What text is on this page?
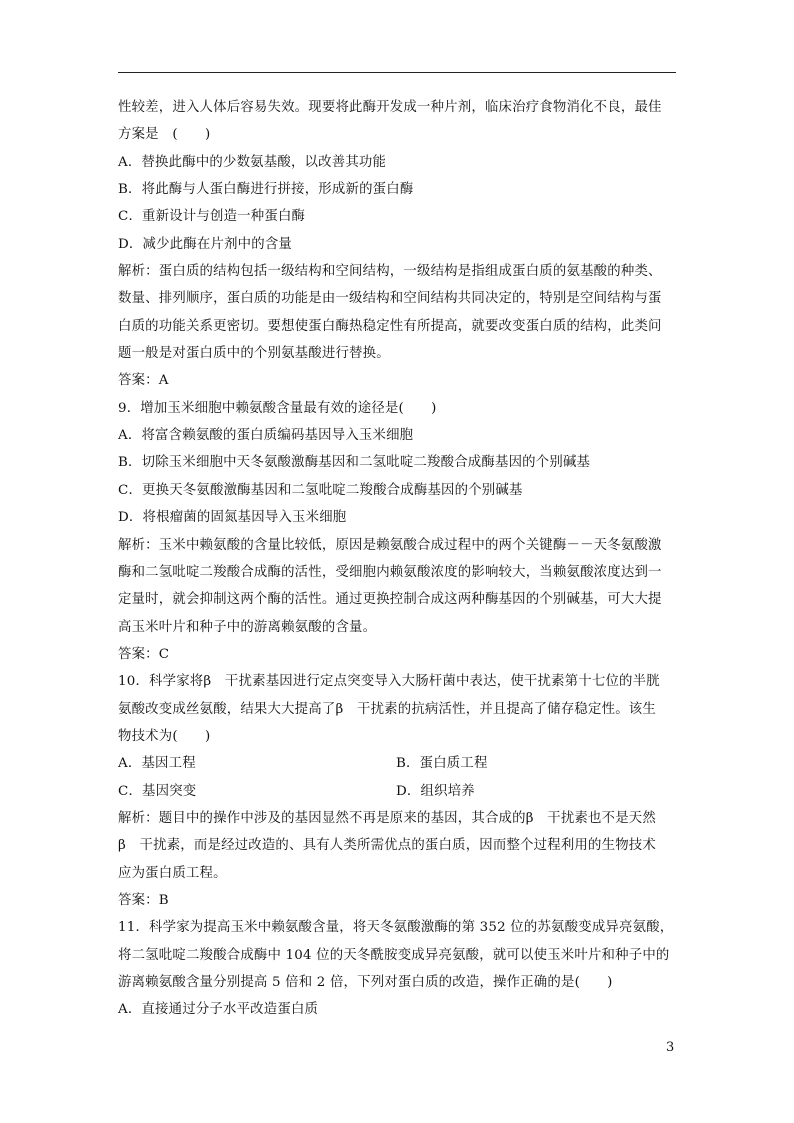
性较差，进入人体后容易失效。现要将此酶开发成一种片剂，临床治疗食物消化不良，最佳
方案是　(　　)
A．替换此酶中的少数氨基酸，以改善其功能
B．将此酶与人蛋白酶进行拼接，形成新的蛋白酶
C．重新设计与创造一种蛋白酶
D．减少此酶在片剂中的含量
解析：蛋白质的结构包括一级结构和空间结构，一级结构是指组成蛋白质的氨基酸的种类、
数量、排列顺序，蛋白质的功能是由一级结构和空间结构共同决定的，特别是空间结构与蛋
白质的功能关系更密切。要想使蛋白酶热稳定性有所提高，就要改变蛋白质的结构，此类问
题一般是对蛋白质中的个别氨基酸进行替换。
答案：A
9．增加玉米细胞中赖氨酸含量最有效的途径是(　　)
A．将富含赖氨酸的蛋白质编码基因导入玉米细胞
B．切除玉米细胞中天冬氨酸激酶基因和二氢吡啶二羧酸合成酶基因的个别碱基
C．更换天冬氨酸激酶基因和二氢吡啶二羧酸合成酶基因的个别碱基
D．将根瘤菌的固氮基因导入玉米细胞
解析：玉米中赖氨酸的含量比较低，原因是赖氨酸合成过程中的两个关键酶－－天冬氨酸激
酶和二氢吡啶二羧酸合成酶的活性，受细胞内赖氨酸浓度的影响较大，当赖氨酸浓度达到一
定量时，就会抑制这两个酶的活性。通过更换控制合成这两种酶基因的个别碱基，可大大提
高玉米叶片和种子中的游离赖氨酸的含量。
答案：C
10．科学家将β　干扰素基因进行定点突变导入大肠杆菌中表达，使干扰素第十七位的半胱
氨酸改变成丝氨酸，结果大大提高了β　干扰素的抗病活性，并且提高了储存稳定性。该生
物技术为(　　)
A．基因工程	B．蛋白质工程
C．基因突变	D．组织培养
解析：题目中的操作中涉及的基因显然不再是原来的基因，其合成的β　干扰素也不是天然
β　干扰素，而是经过改造的、具有人类所需优点的蛋白质，因而整个过程利用的生物技术
应为蛋白质工程。
答案：B
11．科学家为提高玉米中赖氨酸含量，将天冬氨酸激酶的第 352 位的苏氨酸变成异亮氨酸，
将二氢吡啶二羧酸合成酶中 104 位的天冬酰胺变成异亮氨酸，就可以使玉米叶片和种子中的
游离赖氨酸含量分别提高 5 倍和 2 倍，下列对蛋白质的改造，操作正确的是(　　)
A．直接通过分子水平改造蛋白质
3
